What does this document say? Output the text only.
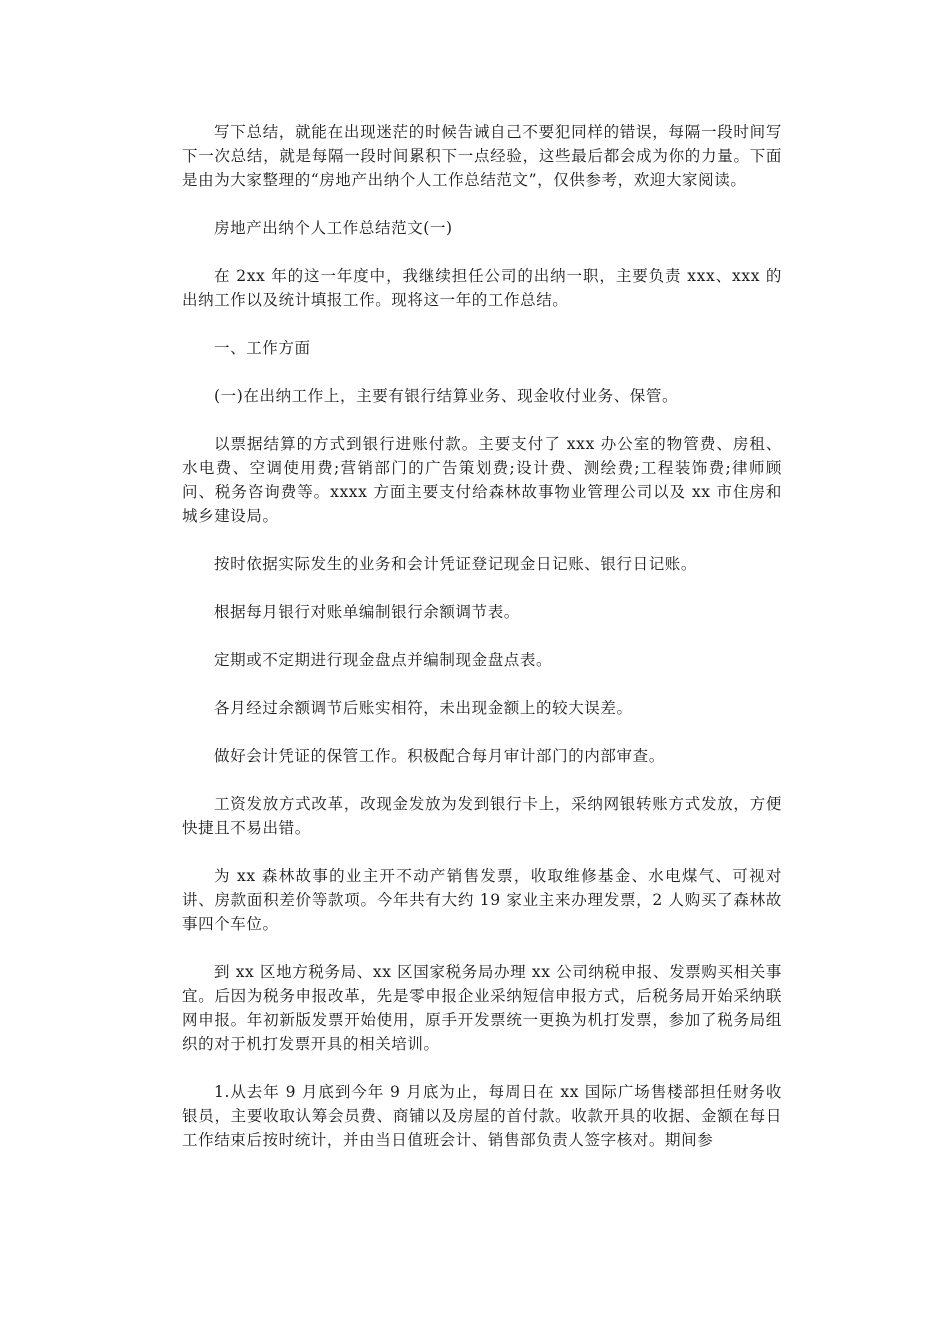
写下总结，就能在出现迷茫的时候告诫自己不要犯同样的错误，每隔一段时间写下一次总结，就是每隔一段时间累积下一点经验，这些最后都会成为你的力量。下面是由为大家整理的“房地产出纳个人工作总结范文”，仅供参考，欢迎大家阅读。

房地产出纳个人工作总结范文(一)

在 2xx 年的这一年度中，我继续担任公司的出纳一职，主要负责 xxx、xxx 的出纳工作以及统计填报工作。现将这一年的工作总结。

一、工作方面

(一)在出纳工作上，主要有银行结算业务、现金收付业务、保管。

以票据结算的方式到银行进账付款。主要支付了 xxx 办公室的物管费、房租、水电费、空调使用费;营销部门的广告策划费;设计费、测绘费;工程装饰费;律师顾问、税务咨询费等。xxxx 方面主要支付给森林故事物业管理公司以及 xx 市住房和城乡建设局。

按时依据实际发生的业务和会计凭证登记现金日记账、银行日记账。

根据每月银行对账单编制银行余额调节表。

定期或不定期进行现金盘点并编制现金盘点表。

各月经过余额调节后账实相符，未出现金额上的较大误差。

做好会计凭证的保管工作。积极配合每月审计部门的内部审查。

工资发放方式改革，改现金发放为发到银行卡上，采纳网银转账方式发放，方便快捷且不易出错。

为 xx 森林故事的业主开不动产销售发票，收取维修基金、水电煤气、可视对讲、房款面积差价等款项。今年共有大约 19 家业主来办理发票，2 人购买了森林故事四个车位。

到 xx 区地方税务局、xx 区国家税务局办理 xx 公司纳税申报、发票购买相关事宜。后因为税务申报改革，先是零申报企业采纳短信申报方式，后税务局开始采纳联网申报。年初新版发票开始使用，原手开发票统一更换为机打发票，参加了税务局组织的对于机打发票开具的相关培训。

1.从去年 9 月底到今年 9 月底为止，每周日在 xx 国际广场售楼部担任财务收银员，主要收取认筹会员费、商铺以及房屋的首付款。收款开具的收据、金额在每日工作结束后按时统计，并由当日值班会计、销售部负责人签字核对。期间参
